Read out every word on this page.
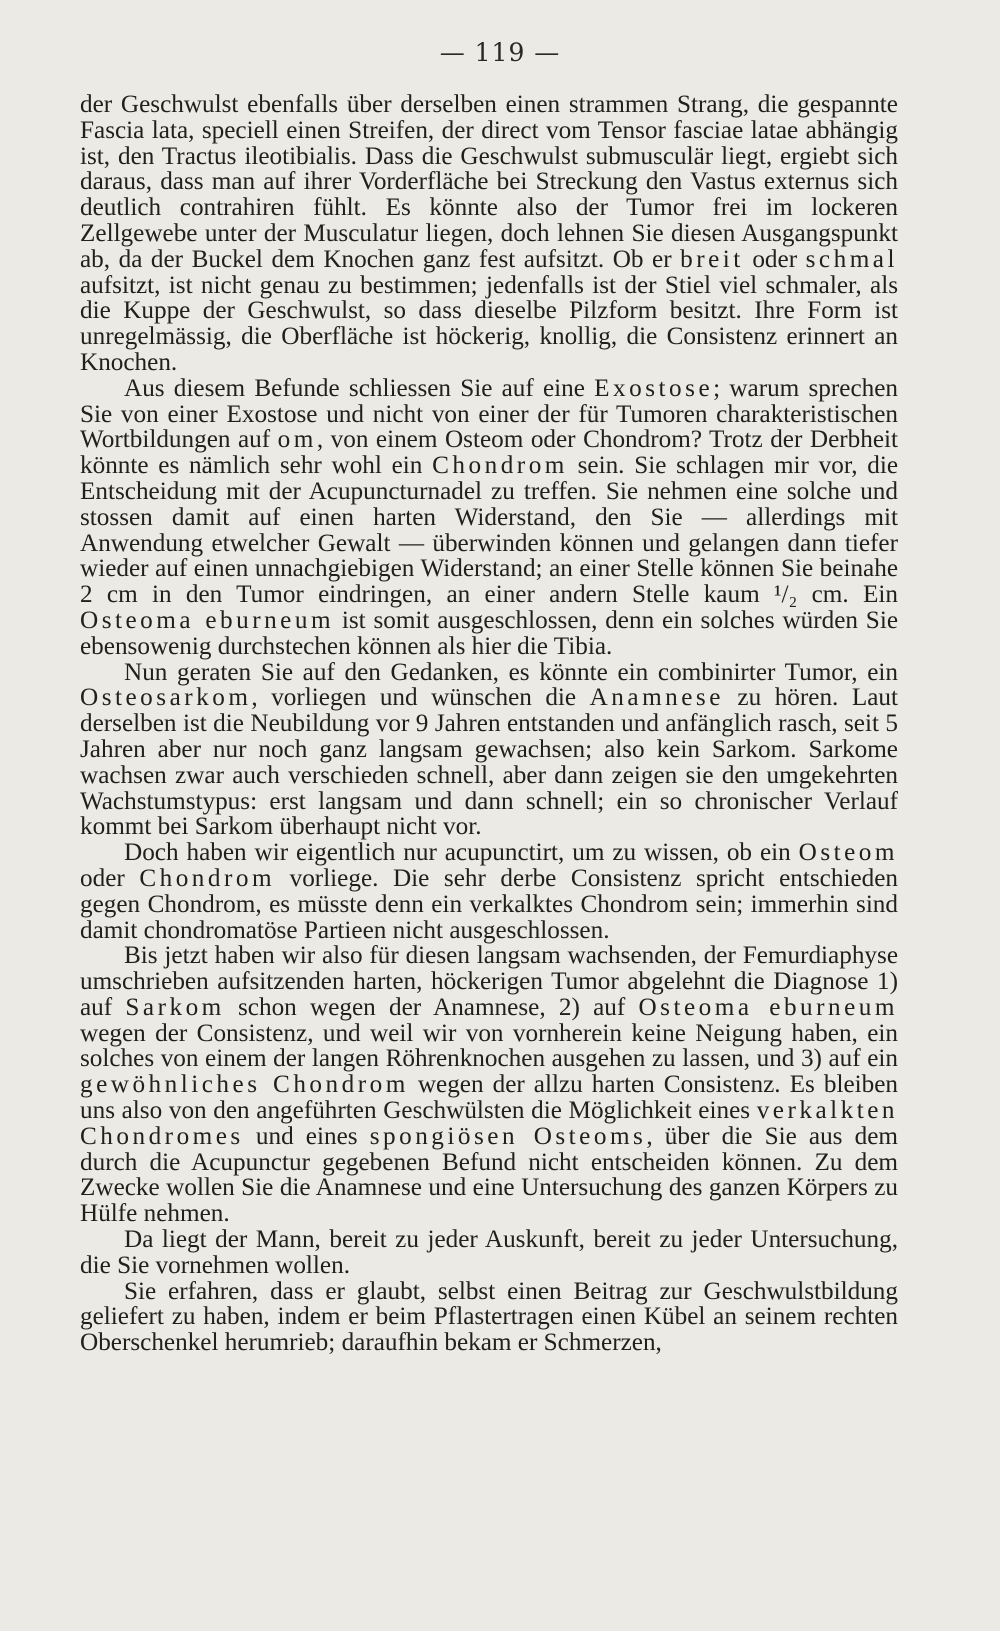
— 119 —

der Geschwulst ebenfalls über derselben einen strammen Strang, die gespannte Fascia lata, speciell einen Streifen, der direct vom Tensor fasciae latae abhängig ist, den Tractus ileotibialis. Dass die Geschwulst submusculär liegt, ergiebt sich daraus, dass man auf ihrer Vorderfläche bei Streckung den Vastus externus sich deutlich contrahiren fühlt. Es könnte also der Tumor frei im lockeren Zellgewebe unter der Musculatur liegen, doch lehnen Sie diesen Ausgangspunkt ab, da der Buckel dem Knochen ganz fest aufsitzt. Ob er breit oder schmal aufsitzt, ist nicht genau zu bestimmen; jedenfalls ist der Stiel viel schmaler, als die Kuppe der Geschwulst, so dass dieselbe Pilzform besitzt. Ihre Form ist unregelmässig, die Oberfläche ist höckerig, knollig, die Consistenz erinnert an Knochen.

Aus diesem Befunde schliessen Sie auf eine Exostose; warum sprechen Sie von einer Exostose und nicht von einer der für Tumoren charakteristischen Wortbildungen auf om, von einem Osteom oder Chondrom? Trotz der Derbheit könnte es nämlich sehr wohl ein Chondrom sein. Sie schlagen mir vor, die Entscheidung mit der Acupuncturnadel zu treffen. Sie nehmen eine solche und stossen damit auf einen harten Widerstand, den Sie — allerdings mit Anwendung etwelcher Gewalt — überwinden können und gelangen dann tiefer wieder auf einen unnachgiebigen Widerstand; an einer Stelle können Sie beinahe 2 cm in den Tumor eindringen, an einer andern Stelle kaum ¹/₂ cm. Ein Osteoma eburneum ist somit ausgeschlossen, denn ein solches würden Sie ebensowenig durchstechen können als hier die Tibia.

Nun geraten Sie auf den Gedanken, es könnte ein combinirter Tumor, ein Osteosarkom, vorliegen und wünschen die Anamnese zu hören. Laut derselben ist die Neubildung vor 9 Jahren entstanden und anfänglich rasch, seit 5 Jahren aber nur noch ganz langsam gewachsen; also kein Sarkom. Sarkome wachsen zwar auch verschieden schnell, aber dann zeigen sie den umgekehrten Wachstumstypus: erst langsam und dann schnell; ein so chronischer Verlauf kommt bei Sarkom überhaupt nicht vor.

Doch haben wir eigentlich nur acupunctirt, um zu wissen, ob ein Osteom oder Chondrom vorliege. Die sehr derbe Consistenz spricht entschieden gegen Chondrom, es müsste denn ein verkalktes Chondrom sein; immerhin sind damit chondromatöse Partieen nicht ausgeschlossen.

Bis jetzt haben wir also für diesen langsam wachsenden, der Femurdiaphyse umschrieben aufsitzenden harten, höckerigen Tumor abgelehnt die Diagnose 1) auf Sarkom schon wegen der Anamnese, 2) auf Osteoma eburneum wegen der Consistenz, und weil wir von vornherein keine Neigung haben, ein solches von einem der langen Röhrenknochen ausgehen zu lassen, und 3) auf ein gewöhnliches Chondrom wegen der allzu harten Consistenz. Es bleiben uns also von den angeführten Geschwülsten die Möglichkeit eines verkalkten Chondromes und eines spongiösen Osteoms, über die Sie aus dem durch die Acupunctur gegebenen Befund nicht entscheiden können. Zu dem Zwecke wollen Sie die Anamnese und eine Untersuchung des ganzen Körpers zu Hülfe nehmen.

Da liegt der Mann, bereit zu jeder Auskunft, bereit zu jeder Untersuchung, die Sie vornehmen wollen.

Sie erfahren, dass er glaubt, selbst einen Beitrag zur Geschwulstbildung geliefert zu haben, indem er beim Pflastertragen einen Kübel an seinem rechten Oberschenkel herumrieb; daraufhin bekam er Schmerzen,
